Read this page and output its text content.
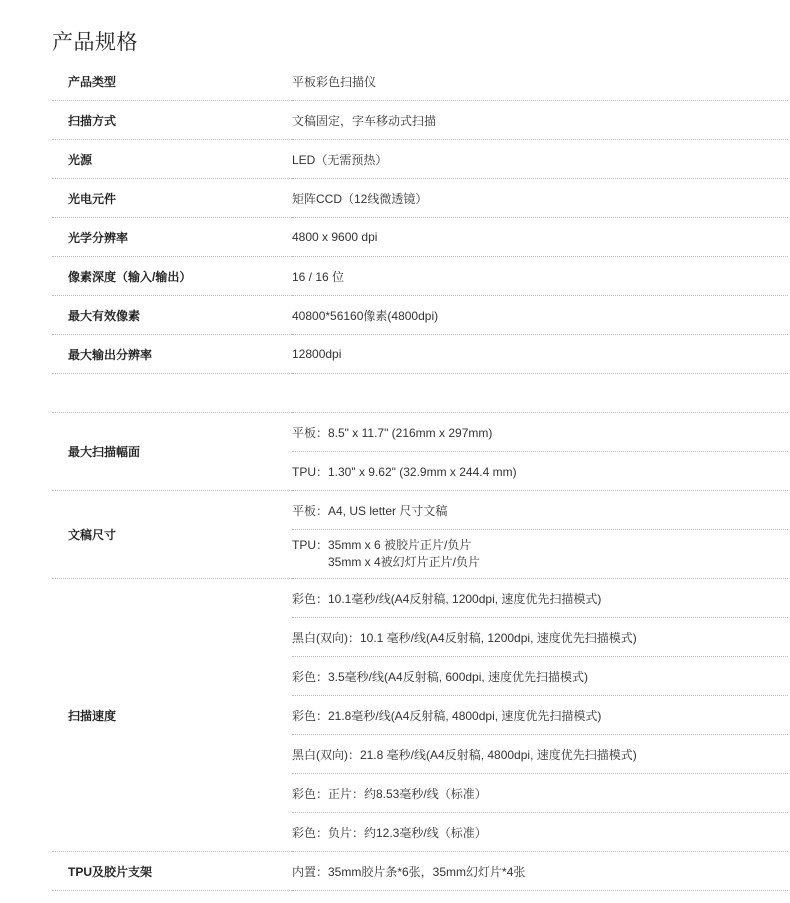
产品规格
产品类型	平板彩色扫描仪
扫描方式	文稿固定，字车移动式扫描
光源	LED（无需预热）
光电元件	矩阵CCD（12线微透镜）
光学分辨率	4800 x 9600 dpi
像素深度（输入/输出）	16 / 16 位
最大有效像素	40800*56160像素(4800dpi)
最大输出分辨率	12800dpi

最大扫描幅面	平板：8.5" x 11.7" (216mm x 297mm)
	TPU：1.30" x 9.62" (32.9mm x 244.4 mm)
文稿尺寸	平板：A4, US letter 尺寸文稿

	TPU：35mm x 6 被胶片正片/负片
35mm x 4被幻灯片正片/负片

扫描速度	彩色：10.1毫秒/线(A4反射稿, 1200dpi, 速度优先扫描模式)
	黑白(双向)：10.1 毫秒/线(A4反射稿, 1200dpi, 速度优先扫描模式)
	彩色：3.5毫秒/线(A4反射稿, 600dpi, 速度优先扫描模式)
	彩色：21.8毫秒/线(A4反射稿, 4800dpi, 速度优先扫描模式)
	黑白(双向)：21.8 毫秒/线(A4反射稿, 4800dpi, 速度优先扫描模式)
	彩色：正片：约8.53毫秒/线（标准）
	彩色：负片：约12.3毫秒/线（标准）
TPU及胶片支架	内置：35mm胶片条*6张，35mm幻灯片*4张
